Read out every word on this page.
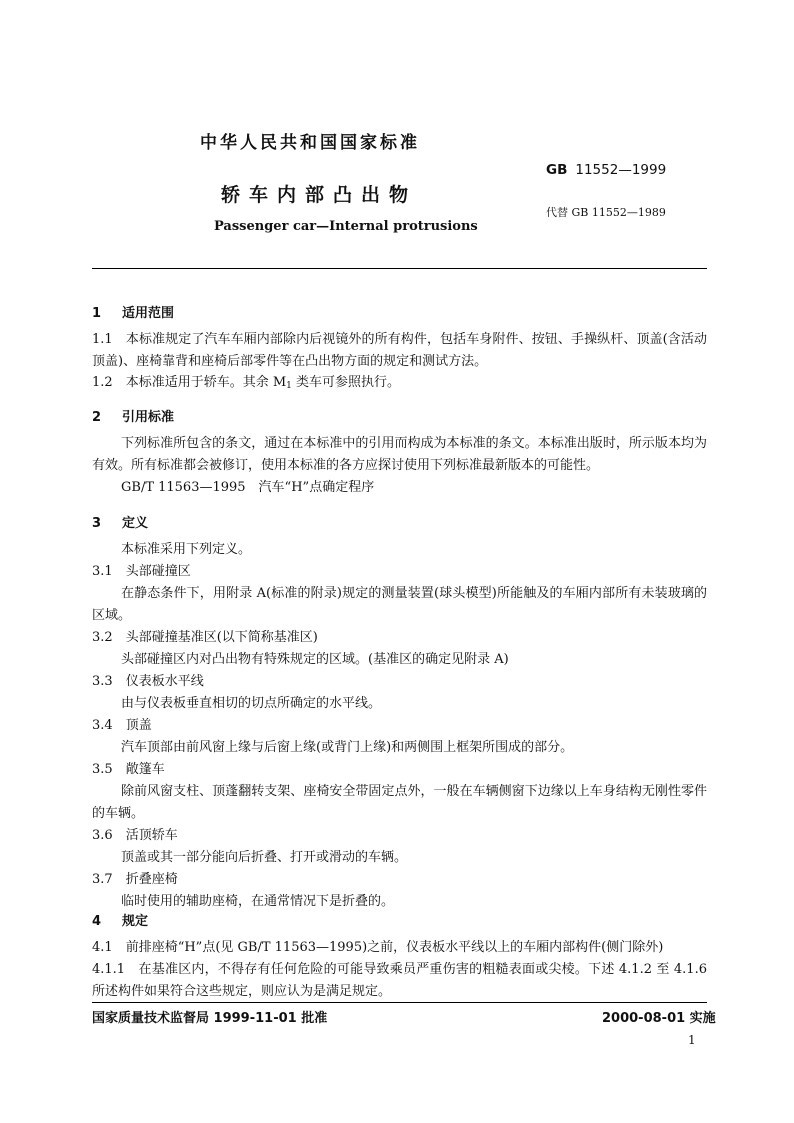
中华人民共和国国家标准
GB 11552—1999
轿车内部凸出物
代替 GB 11552—1989
Passenger car—Internal protrusions
1 适用范围
1.1　 本标准规定了汽车车厢内部除内后视镜外的所有构件，包括车身附件、按钮、手操纵杆、顶盖(含活动顶盖)、座椅靠背和座椅后部零件等在凸出物方面的规定和测试方法。
1.2　 本标准适用于轿车。其余 $M_1$ 类车可参照执行。
2 引用标准
下列标准所包含的条文，通过在本标准中的引用而构成为本标准的条文。本标准出版时，所示版本均为有效。所有标准都会被修订，使用本标准的各方应探讨使用下列标准最新版本的可能性。
GB/T 11563—1995　汽车“H”点确定程序
3 定义
本标准采用下列定义。
3.1　 头部碰撞区
在静态条件下，用附录 A(标准的附录)规定的测量装置(球头模型)所能触及的车厢内部所有未装玻璃的区域。
3.2　 头部碰撞基准区(以下简称基准区)
头部碰撞区内对凸出物有特殊规定的区域。(基准区的确定见附录 A)
3.3　 仪表板水平线
由与仪表板垂直相切的切点所确定的水平线。
3.4　 顶盖
汽车顶部由前风窗上缘与后窗上缘(或背门上缘)和两侧围上框架所围成的部分。
3.5　 敞篷车
除前风窗支柱、顶蓬翻转支架、座椅安全带固定点外，一般在车辆侧窗下边缘以上车身结构无刚性零件的车辆。
3.6　 活顶轿车
顶盖或其一部分能向后折叠、打开或滑动的车辆。
3.7　 折叠座椅
临时使用的辅助座椅，在通常情况下是折叠的。
4 规定
4.1　 前排座椅“H”点(见 GB/T 11563—1995)之前，仪表板水平线以上的车厢内部构件(侧门除外)
4.1.1　 在基准区内，不得存有任何危险的可能导致乘员严重伤害的粗糙表面或尖棱。下述 4.1.2 至 4.1.6 所述构件如果符合这些规定，则应认为是满足规定。
国家质量技术监督局 1999-11-01 批准	2000-08-01 实施
1
